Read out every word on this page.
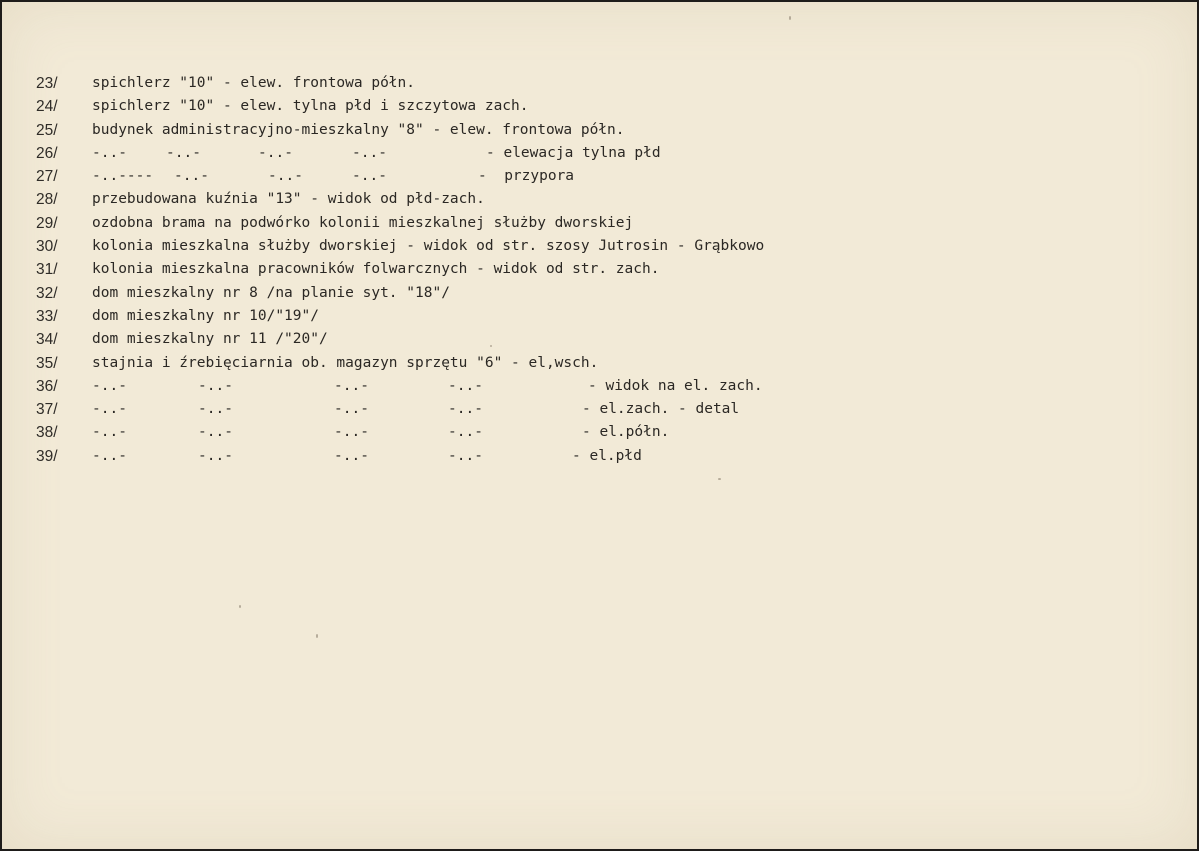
23/

	spichlerz "10" - elew. frontowa półn.

24/

	spichlerz "10" - elew. tylna płd i szczytowa zach.

25/

	budynek administracyjno-mieszkalny "8" - elew. frontowa półn.

26/

	-..-

	-..-

	-..-

	-..-

	- elewacja tylna płd

27/

	-..----

-..-

	-..-

	-..-

	-  przypora

28/

	przebudowana kuźnia "13" - widok od płd-zach.

29/

	ozdobna brama na podwórko kolonii mieszkalnej służby dworskiej

30/

	kolonia mieszkalna służby dworskiej - widok od str. szosy Jutrosin - Grąbkowo

31/

	kolonia mieszkalna pracowników folwarcznych - widok od str. zach.

32/

	dom mieszkalny nr 8 /na planie syt. "18"/

33/

	dom mieszkalny nr 10/"19"/

34/

	dom mieszkalny nr 11 /"20"/

35/

	stajnia i źrebięciarnia ob. magazyn sprzętu "6" - el,wsch.

36/

	-..-

	-..-

	-..-

	-..-

	- widok na el. zach.

37/

	-..-

	-..-

	-..-

	-..-

	- el.zach. - detal

38/

	-..-

	-..-

	-..-

	-..-

	- el.półn.

39/

	-..-

	-..-

	-..-

	-..-

	- el.płd
